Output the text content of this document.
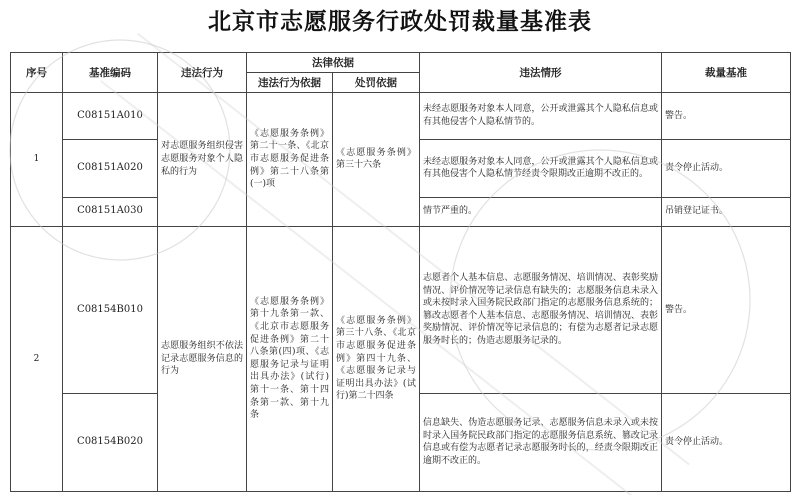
北京市志愿服务行政处罚裁量基准表
序号	基准编码	违法行为	法律依据		违法情形	裁量基准
			违法行为依据	处罚依据		
1	C08151A010	对志愿服务组织侵害志愿服务对象个人隐私的行为	《志愿服务条例》第二十一条、《北京市志愿服务促进条例》第二十八条第(一)项	《志愿服务条例》第三十六条	未经志愿服务对象本人同意，公开或泄露其个人隐私信息或有其他侵害个人隐私情节的。	警告。
	C08151A020				未经志愿服务对象本人同意，公开或泄露其个人隐私信息或有其他侵害个人隐私情节经责令限期改正逾期不改正的。	责令停止活动。
	C08151A030				情节严重的。	吊销登记证书。
2	C08154B010	志愿服务组织不依法记录志愿服务信息的行为	《志愿服务条例》第十九条第一款、《北京市志愿服务促进条例》第二十八条第(四)项、《志愿服务记录与证明出具办法》(试行)第十一条、第十四条第一款、第十九条	《志愿服务条例》第三十八条、《北京市志愿服务促进条例》第四十九条、《志愿服务记录与证明出具办法》(试行)第二十四条	志愿者个人基本信息、志愿服务情况、培训情况、表彰奖励情况、评价情况等记录信息有缺失的；志愿服务信息未录入或未按时录入国务院民政部门指定的志愿服务信息系统的；篡改志愿者个人基本信息、志愿服务情况、培训情况、表彰奖励情况、评价情况等记录信息的；有偿为志愿者记录志愿服务时长的；伪造志愿服务记录的。	警告。
	C08154B020				信息缺失、伪造志愿服务记录、志愿服务信息未录入或未按时录入国务院民政部门指定的志愿服务信息系统、篡改记录信息或有偿为志愿者记录志愿服务时长的，经责令限期改正逾期不改正的。	责令停止活动。
